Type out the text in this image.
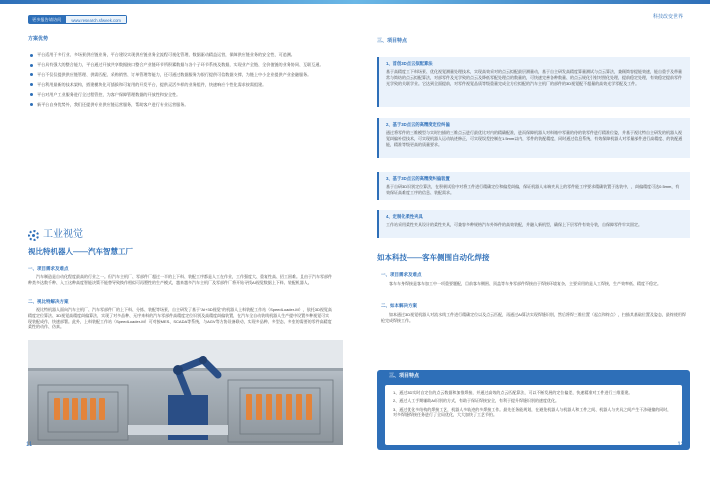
更多报告请访问	www.research.sfweek.com
方案优势
平台适用于多行业、多场景供应链业务，平台建设实现供应链业务全流程可视化管理、数据驱动精益运营，保障供应链业务的安全性、可追溯。
平台具有强大的整合能力，平台通过开放共享数据接口整合产业链环节所积累数据与各个子环节系统及数据，实现业产全链、全价值链的业务协同、互联互通。
平台不仅仅提供供应链管理、供需匹配、采购销售、订单管理等能力，还可通过数据服务为银行提供可信数据支撑，为链上中小企业提供产业金融服务。
平台利用最新的技术架构，搭建模块化可插拔和可复用的开发平台，提供灵活多样的业务组件，快速响应个性化需求按需组建。
平台对用户工业服务进行全过程管控，为客户保障管理数据的开放性和安全性。
新平台自身优势外，我们还提供专业供应链运营服务，帮助客户进行专业运营服务。
工业视觉
视比特机器人——汽车智慧工厂
一、项目需求及难点

汽车制造是自动化程度最高的行业之一。但汽车主机厂、零部件厂超过一半的上下料、装配工序都是人工在作业，工作强度大、重复性高、招工困难。且由于汽车零部件种类多达数千种、入工这种高度智能决策不能替导致换作相似可再塑性的生产模式，越来越多汽车主机厂及零部件厂将开始寻找AI视觉数据上下料、装配机器人。

二、视比特解决方案

视比特机器人面向汽车主机厂、汽车零部件厂的上下料、分拣、装配等场景，自主研发了基于"AI+3D视觉"的机器人上料装配工作站（SpeedLoader-M），依托3D视觉高精度定位算法、3D视觉高精度纠偏算法，实现了对多品种、无序来料的汽车零部件高精度定位识别及高精度纠偏装置，在汽车全自动装线机器人生产提中设置多种视觉可实现装配成作，快速部署。此外，上料装配工作站（SpeedLoader-M）可对接MES、SCADA等系统，与AGV等方协设备联动，实现多品种、多型态、多室的需要的零件高精度柔性的动作、仿真。

11
科技改变世界
三、项目特点
1、首创3D点云拟配算法
基于高精度工下料场景、优化视觉测量处理技术，实现高效采对的点云拟配最层测量动，基于自主研发高精度算量测试与点云算法，兼顾简容提能效速，能自重手及带量常与简结的点云拟配算法，对部零件及光学致的点云及降低零配处理点的数量的，可快速完善各种数量、的点云规化引射对照化处理，提前稳定处理，有效稳定提前零件光学致的关联学业。它达到全面提前，对零件视觉品质等级重量完成全方位拟配的汽车主机厂的部件的3D视觉配不超量的高效光学零配及工件。
2、基于3D点云的高精度定位纠偏
通过将零件的三维模型与实时扫描的三维点云进行最优比对内的精确配准，进而保障机器人对料箱中零量的待的装零件进行精准位姿，并基于视比特自主研发的机器人视觉纠偏补偿技术，可实现机器人运动轨迹修正，可实现误差控制在1.5mm以内，零件的装配精度，同时通过信息系统，有效保障机器人对零量部件进行高精度、的装配通能，精准等级更高的质量要求。
3、基于3D点云的高精度纠偏装置
基于自研3D识别定位算法，在积极试验中对将工件进行精确定位和偏差纠偏，保证机器人末端夹具上的零件能工序要求精确装置于选装中，，纠偏精度可达0.5mm，有效保证高难度工序的信息、装配需求。
4、定制化柔性夹具
工作站采用柔性夹具设计的柔性夹具，可兼容多种规格汽车外饰件的高效装配，并融入新机型，确保上下层零件有效分装，自保障零件牢实固定。
如本科技——客车侧围自动化焊接
一、项目需求及难点

客车车身焊接是客车加工中一项重要题配，目前客车侧围、顶盖等车身零部件焊接由于焊接环境复杂，主要采用的是人工焊接，生产效率低、精度不稳定。

二、如本解决方案

如本通过3D视觉机器人对流水线工件进行精确定位以及点云匹配，再通过AI算法实现焊缝识别，然后将焊三维位置（起点和终点），扫描其基础位置及姿态，最终使用焊枪完成焊接工作。

三、项目特点
1、通过3D实时自定位的点云数据和加推焊接，并通过高效的点云匹配算法，可以不断发展的定位偏差，快速精准对工件进行三维重建。
2、通过人工手期辅助AI识别的方式，有助于保证焊接安全，有利于提升焊缝识别的速度优化。
3、通过优化多结构的焊接工艺，机器人多轨迹的多焊接工作。最先任务能规划，在避免机器人与机器人和工件之间、机器人与夹具之间产生干涉碰撞的同时，对多焊缝焊接任务进行了全局优化，大大加快了工艺节拍。
12
